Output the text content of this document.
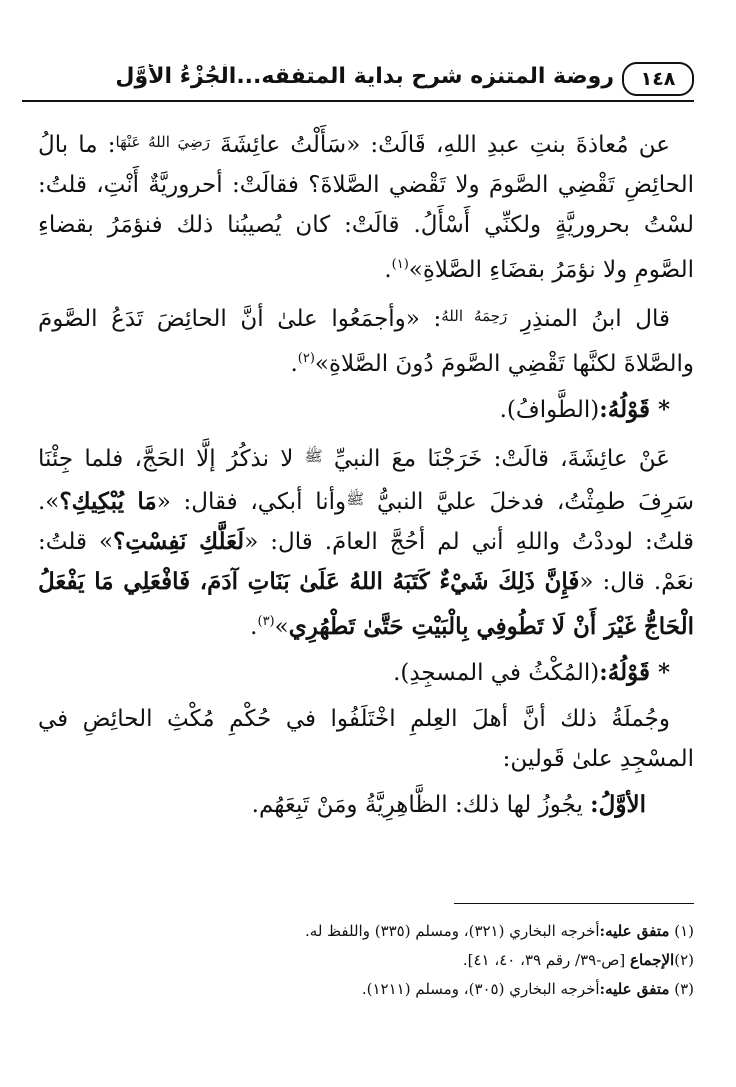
١٤٨
روضة المتنزه شرح بداية المتفقه...الْجُزْءُ الأوَّل

عن مُعاذةَ بنتِ عبدِ اللهِ، قَالَتْ: «سَأَلْتُ عائِشَةَ $^{رَضِيَ اللهُ عَنْهَا}$: ما بالُ الحائِضِ تَقْضِي الصَّومَ ولا تَقْضي الصَّلاةَ؟ فقالَتْ: أحروريَّةٌ أَنْتِ، قلتُ: لسْتُ بحروريَّةٍ ولكنِّي أَسْأَلُ. قالَتْ: كان يُصيبُنا ذلك فنؤمَرُ بقضاءِ الصَّومِ ولا نؤمَرُ بقضَاءِ الصَّلاةِ»$^{(١)}$.

قال ابنُ المنذِرِ $^{رَحِمَهُ اللهُ}$: «وأجمَعُوا علىٰ أنَّ الحائِضَ تَدَعُ الصَّومَ والصَّلاةَ لكنَّها تَقْضِي الصَّومَ دُونَ الصَّلاةِ»$^{(٢)}$.

*قَوْلُهُ:(الطَّوافُ).

عَنْ عائِشَةَ، قالَتْ: خَرَجْنَا معَ النبيِّ $^ﷺ$ لا نذكُرُ إلَّا الحَجَّ، فلما جِئْنَا سَرِفَ طمِثْتُ، فدخلَ عليَّ النبيُّ $^ﷺ$وأنا أبكي، فقال: «مَا يُبْكِيكِ؟». قلتُ: لوددْتُ واللهِ أني لم أحُجَّ العامَ. قال: «لَعَلَّكِ نَفِسْتِ؟» قلتُ: نعَمْ. قال: «فَإِنَّ ذَلِكَ شَيْءٌ كَتَبَهُ اللهُ عَلَىٰ بَنَاتِ آدَمَ، فَافْعَلِي مَا يَفْعَلُ الْحَاجُّ غَيْرَ أَنْ لَا تَطُوفِي بِالْبَيْتِ حَتَّىٰ تَطْهُرِي»$^{(٣)}$.

*قَوْلُهُ:(المُكْثُ في المسجِدِ).

وجُملَةُ ذلك أنَّ أهلَ العِلمِ اخْتَلَفُوا في حُكْمِ مُكْثِ الحائِضِ في المسْجِدِ علىٰ قَولين:

الأوَّلُ: يجُوزُ لها ذلك: الظَّاهِرِيَّةُ ومَنْ تَبِعَهُم.

(١) متفق عليه:أخرجه البخاري (٣٢١)، ومسلم (٣٣٥) واللفظ له.

(٢)الإجماع [ص-٣٩/ رقم ٣٩، ٤٠، ٤١].

(٣) متفق عليه:أخرجه البخاري (٣٠٥)، ومسلم (١٢١١).
